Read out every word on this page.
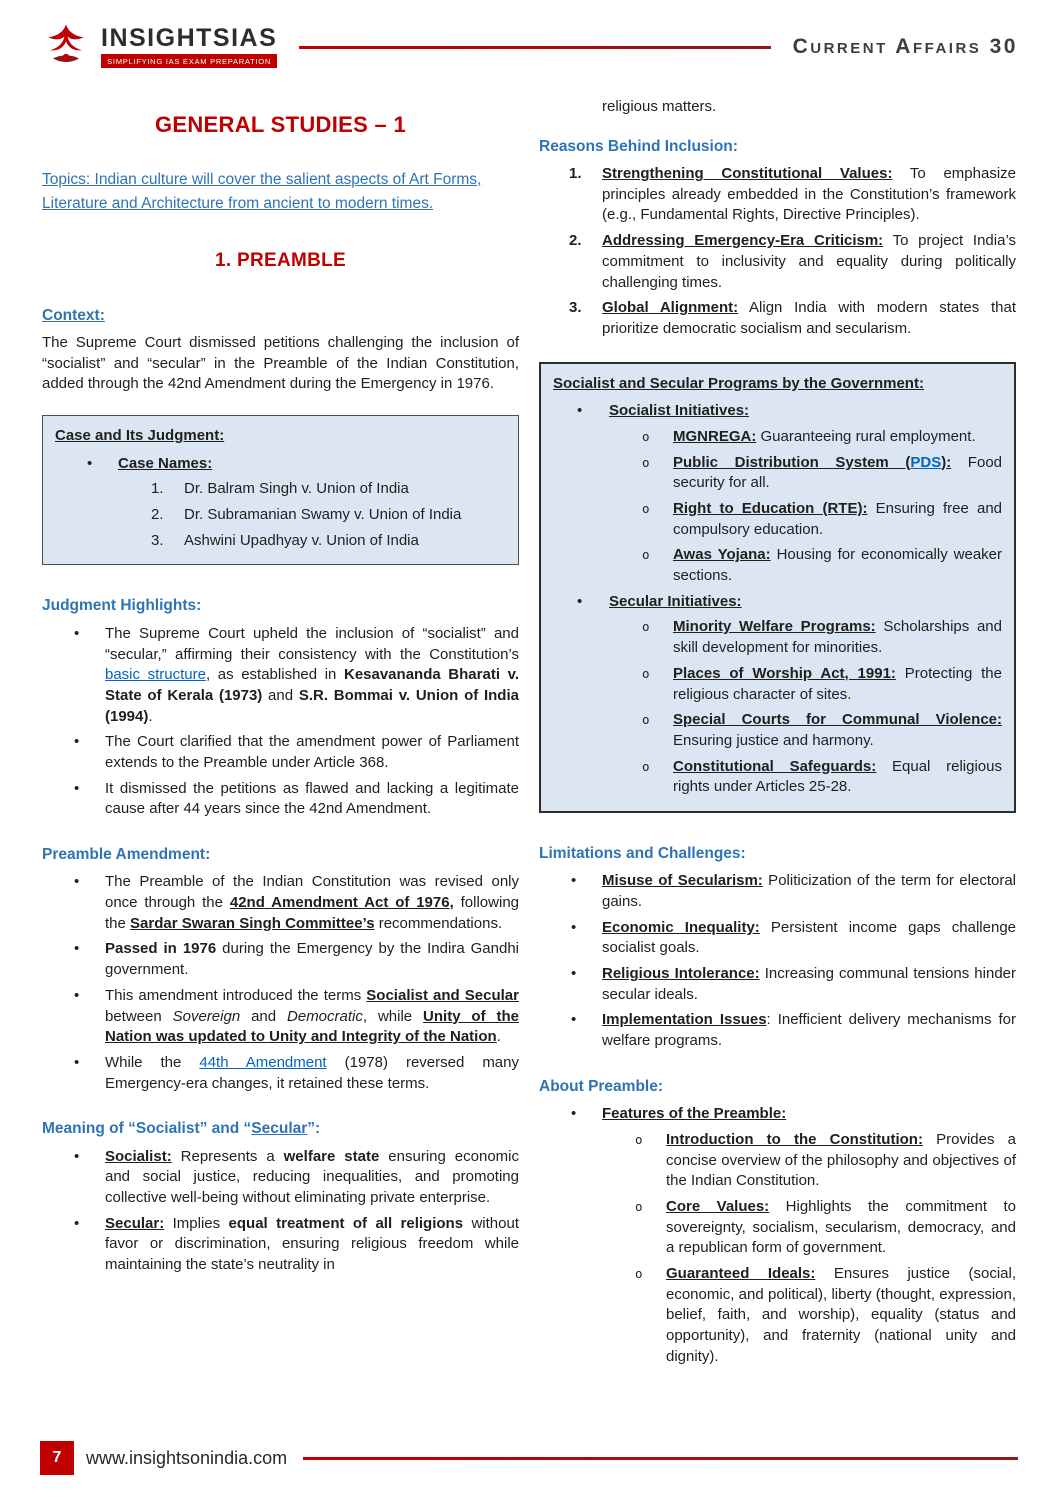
INSIGHTSIAS
SIMPLIFYING IAS EXAM PREPARATION
Current Affairs 30
GENERAL STUDIES – 1

Topics: Indian culture will cover the salient aspects of Art Forms, Literature and Architecture from ancient to modern times.

1. PREAMBLE
Context:

The Supreme Court dismissed petitions challenging the inclusion of “socialist” and “secular” in the Preamble of the Indian Constitution, added through the 42nd Amendment during the Emergency in 1976.

Case and Its Judgment:
• Case Names:
Dr. Balram Singh v. Union of India
Dr. Subramanian Swamy v. Union of India
Ashwini Upadhyay v. Union of India
Judgment Highlights:
• The Supreme Court upheld the inclusion of “socialist” and “secular,” affirming their consistency with the Constitution’s basic structure, as established in Kesavananda Bharati v. State of Kerala (1973) and S.R. Bommai v. Union of India (1994).
• The Court clarified that the amendment power of Parliament extends to the Preamble under Article 368.
• It dismissed the petitions as flawed and lacking a legitimate cause after 44 years since the 42nd Amendment.
Preamble Amendment:
• The Preamble of the Indian Constitution was revised only once through the 42nd Amendment Act of 1976, following the Sardar Swaran Singh Committee’s recommendations.
• Passed in 1976 during the Emergency by the Indira Gandhi government.
• This amendment introduced the terms Socialist and Secular between Sovereign and Democratic, while Unity of the Nation was updated to Unity and Integrity of the Nation.
• While the 44th Amendment (1978) reversed many Emergency-era changes, it retained these terms.
Meaning of “Socialist” and “Secular”:
• Socialist: Represents a welfare state ensuring economic and social justice, reducing inequalities, and promoting collective well-being without eliminating private enterprise.
• Secular: Implies equal treatment of all religions without favor or discrimination, ensuring religious freedom while maintaining the state’s neutrality in

religious matters.

Reasons Behind Inclusion:
Strengthening Constitutional Values: To emphasize principles already embedded in the Constitution’s framework (e.g., Fundamental Rights, Directive Principles).
Addressing Emergency-Era Criticism: To project India’s commitment to inclusivity and equality during politically challenging times.
Global Alignment: Align India with modern states that prioritize democratic socialism and secularism.
Socialist and Secular Programs by the Government:
• Socialist Initiatives:
o MGNREGA: Guaranteeing rural employment.
o Public Distribution System (PDS): Food security for all.
o Right to Education (RTE): Ensuring free and compulsory education.
o Awas Yojana: Housing for economically weaker sections.
• Secular Initiatives:
o Minority Welfare Programs: Scholarships and skill development for minorities.
o Places of Worship Act, 1991: Protecting the religious character of sites.
o Special Courts for Communal Violence: Ensuring justice and harmony.
o Constitutional Safeguards: Equal religious rights under Articles 25-28.
Limitations and Challenges:
• Misuse of Secularism: Politicization of the term for electoral gains.
• Economic Inequality: Persistent income gaps challenge socialist goals.
• Religious Intolerance: Increasing communal tensions hinder secular ideals.
• Implementation Issues: Inefficient delivery mechanisms for welfare programs.
About Preamble:
• Features of the Preamble:
o Introduction to the Constitution: Provides a concise overview of the philosophy and objectives of the Indian Constitution.
o Core Values: Highlights the commitment to sovereignty, socialism, secularism, democracy, and a republican form of government.
o Guaranteed Ideals: Ensures justice (social, economic, and political), liberty (thought, expression, belief, faith, and worship), equality (status and opportunity), and fraternity (national unity and dignity).
7	www.insightsonindia.com
